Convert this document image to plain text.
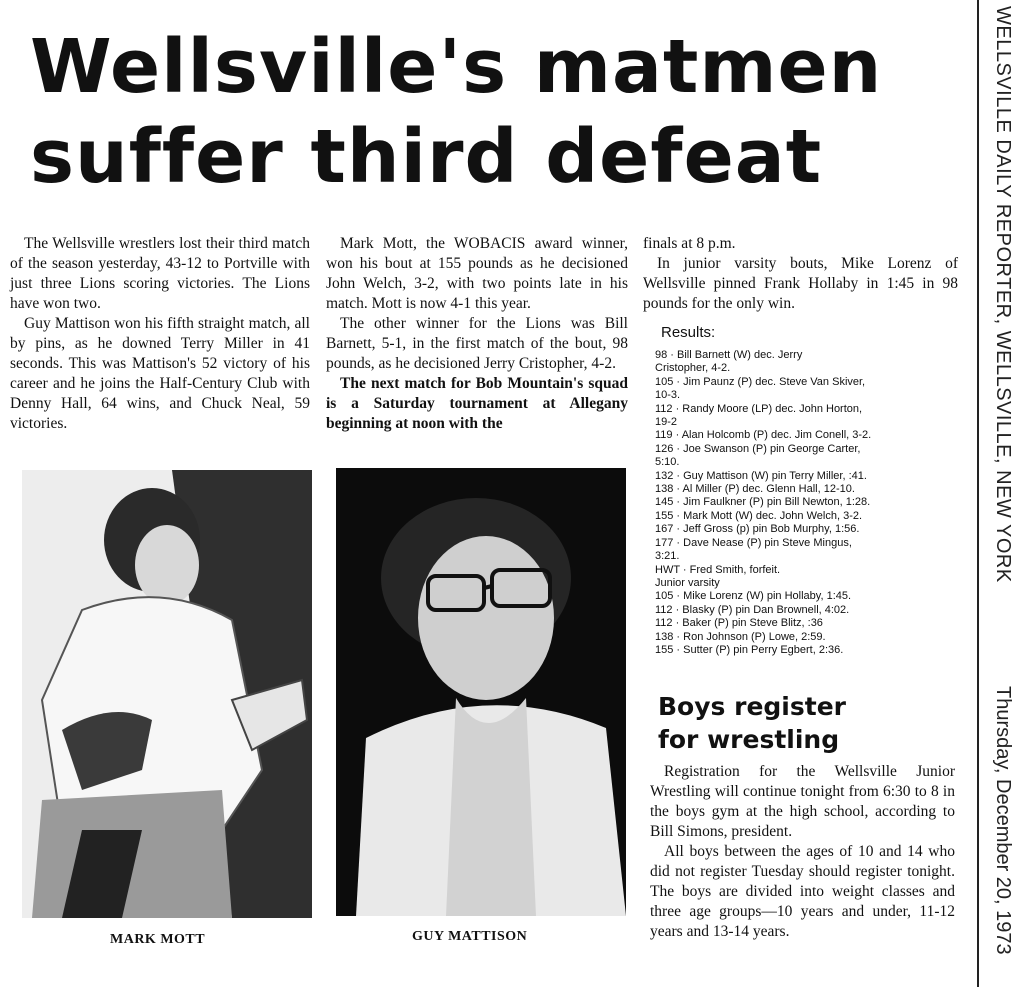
Wellsville's matmen
suffer third defeat

The Wellsville wrestlers lost their third match of the season yesterday, 43-12 to Portville with just three Lions scoring victories. The Lions have won two.

Guy Mattison won his fifth straight match, all by pins, as he downed Terry Miller in 41 seconds. This was Mattison's 52 victory of his career and he joins the Half-Century Club with Denny Hall, 64 wins, and Chuck Neal, 59 victories.

Mark Mott, the WOBACIS award winner, won his bout at 155 pounds as he decisioned John Welch, 3-2, with two points late in his match. Mott is now 4-1 this year.

The other winner for the Lions was Bill Barnett, 5-1, in the first match of the bout, 98 pounds, as he decisioned Jerry Cristopher, 4-2.

The next match for Bob Mountain's squad is a Saturday tournament at Allegany beginning at noon with the

finals at 8 p.m.

In junior varsity bouts, Mike Lorenz of Wellsville pinned Frank Hollaby in 1:45 in 98 pounds for the only win.

Results:
98 · Bill Barnett (W) dec. Jerry
Cristopher, 4-2.
105 · Jim Paunz (P) dec. Steve Van Skiver,
10-3.
112 · Randy Moore (LP) dec. John Horton,
19-2
119 · Alan Holcomb (P) dec. Jim Conell, 3-2.
126 · Joe Swanson (P) pin George Carter,
5:10.
132 · Guy Mattison (W) pin Terry Miller, :41.
138 · Al Miller (P) dec. Glenn Hall, 12-10.
145 · Jim Faulkner (P) pin Bill Newton, 1:28.
155 · Mark Mott (W) dec. John Welch, 3-2.
167 · Jeff Gross (p) pin Bob Murphy, 1:56.
177 · Dave Nease (P) pin Steve Mingus,
3:21.
HWT · Fred Smith, forfeit.
Junior varsity
105 · Mike Lorenz (W) pin Hollaby, 1:45.
112 · Blasky (P) pin Dan Brownell, 4:02.
112 · Baker (P) pin Steve Blitz, :36
138 · Ron Johnson (P) Lowe, 2:59.
155 · Sutter (P) pin Perry Egbert, 2:36.
Boys register
for wrestling

Registration for the Wellsville Junior Wrestling will continue tonight from 6:30 to 8 in the boys gym at the high school, according to Bill Simons, president.

All boys between the ages of 10 and 14 who did not register Tuesday should register tonight. The boys are divided into weight classes and three age groups—10 years and under, 11-12 years and 13-14 years.

MARK MOTT	GUY MATTISON
WELLSVILLE DAILY REPORTER, WELLSVILLE, NEW YORK
Thursday, December 20, 1973
